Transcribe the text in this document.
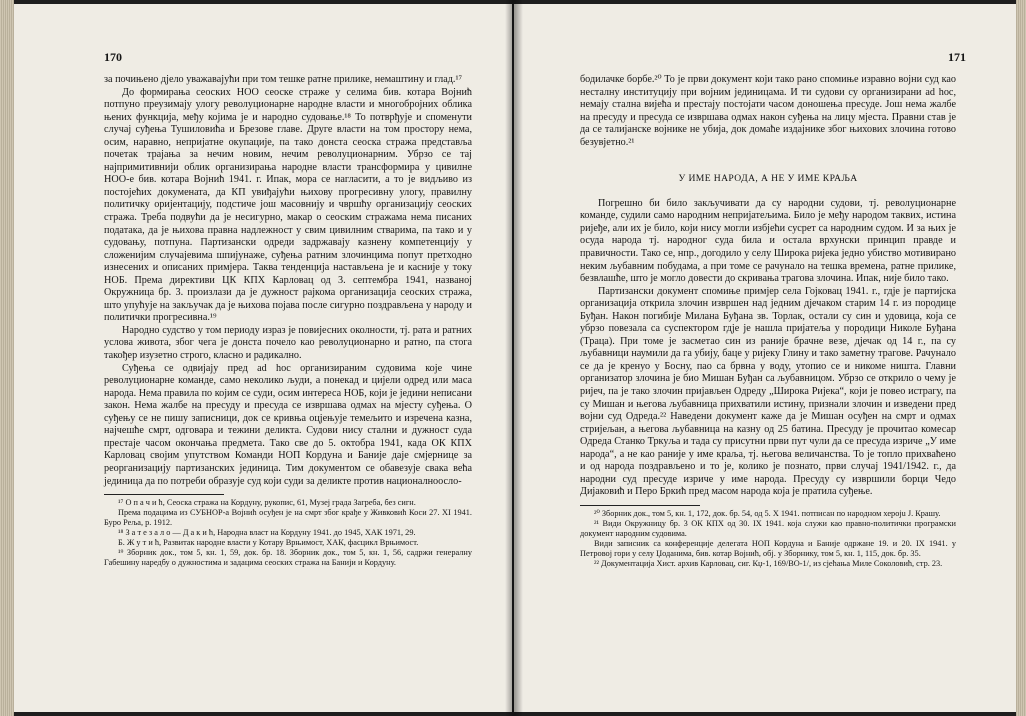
170

за почињено дјело уважавајући при том тешке ратне прилике, немаштину и глад.¹⁷

До формирања сеоских НОО сеоске страже у селима бив. котара Војнић потпуно преузимају улогу револуционарне народне власти и многобројних облика њених функција, међу којима је и народно судовање.¹⁸ То потврђује и споменути случај суђења Тушиловића и Брезове главе. Друге власти на том простору нема, осим, наравно, непријатне окупације, па тако донста сеоска стража представља почетак трајања за нечим новим, нечим револуционарним. Убрзо се тај најпримитивнији облик организирања народне власти трансформира у цивилне НОО-е бив. котара Војнић 1941. г. Ипак, мора се нагласити, а то је видљиво из постојећих докумената, да КП увиђајући њихову прогресивну улогу, правилну политичку оријентацију, подстиче још масовнију и чвршћу организацију сеоских стража. Треба подвући да је несигурно, макар о сеоским стражама нема писаних података, да је њихова правна надлежност у свим цивилним стварима, па тако и у судовању, потпуна. Партизански одреди задржавају казнену компетенцију у сложенијим случајевима шпијунаже, суђења ратним злочинцима попут претходно изнесених и описаних примјера. Таква тенденција настављена је и касније у току НОБ. Према директиви ЦК КПХ Карловац од 3. септембра 1941, названој Окружница бр. 3. произлази да је дужност рајкома организација сеоских стража, што упућује на закључак да је њихова појава после сигурно поздрављена у народу и политички прогресивна.¹⁹

Народно судство у том периоду израз је повијесних околности, тј. рата и ратних услова живота, због чега је донста почело као револуционарно и ратно, па стога такођер изузетно строго, класно и радикално.

Суђења се одвијају пред ad hoc организираним судовима које чине револуционарне команде, само неколико људи, а понекад и цијели одред или маса народа. Нема правила по којим се суди, осим интереса НОБ, који је једини неписани закон. Нема жалбе на пресуду и пресуда се извршава одмах на мјесту суђења. О суђењу се не пишу записници, док се кривња оцјењује темељито и изречена казна, најчешће смрт, одговара и тежини деликта. Судови нису стални и дужност суда престаје часом окончања предмета. Тако све до 5. октобра 1941, када ОК КПХ Карловац својим упутством Команди НОП Кордуна и Баније даје смјернице за реорганизацију партизанских јединица. Тим документом се обавезује свака већа јединица да по потреби образује суд који суди за деликте против националноосло-

¹⁷ О п а ч и ћ, Сеоска стража на Кордуну, рукопис, 61, Музеј града Загреба, без сигн.

Према подацима из СУБНОР-а Војнић осуђен је на смрт због крађе у Живковић Коси 27. XI 1941. Буро Реља, р. 1912.

¹⁸ З а т е з а л о — Д а к и ћ, Народна власт на Кордуну 1941. до 1945, ХАК 1971, 29.

Б. Ж у т и ћ, Развитак народне власти у Котару Врњимост, ХАК, фасцикл Врњимост.

¹⁹ Зборник док., том 5, кн. 1, 59, док. бр. 18. Зборник док., том 5, кн. 1, 56, садржи генералну Габешину наредбу о дужностима и задацима сеоских стража на Банији и Кордуну.

171

бодилачке борбе.²⁰ То је први документ који тако рано спомиње изравно војни суд као несталну институцију при војним јединицама. И ти судови су организирани ad hoc, немају стална вијећа и престају постојати часом доношења пресуде. Још нема жалбе на пресуду и пресуда се извршава одмах након суђења на лицу мјеста. Правни став је да се талијанске војнике не убија, док домаће издајнике због њихових злочина готово безувјетно.²¹

У ИМЕ НАРОДА, А НЕ У ИМЕ КРАЉА

Погрешно би било закључивати да су народни судови, тј. револуционарне команде, судили само народним непријатељима. Било је међу народом таквих, истина ријеђе, али их је било, који нису могли избјећи сусрет са народним судом. И за њих је осуда народа тј. народног суда била и остала врхунски принцип правде и правичности. Тако се, нпр., догодило у селу Широка ријека једно убиство мотивирано неким љубавним побудама, а при томе се рачунало на тешка времена, ратне прилике, безвлашће, што је могло довести до скривања трагова злочина. Ипак, није било тако.

Партизански документ спомиње примјер села Гојковац 1941. г., гдје је партијска организација открила злочин извршен над једним дјечаком старим 14 г. из породице Буђан. Након погибије Милана Буђана зв. Торлак, остали су син и удовица, која се убрзо повезала са суспектором гдје је нашла пријатеља у породици Николе Буђана (Траца). При томе је засметао син из раније брачне везе, дјечак од 14 г., па су љубавници наумили да га убију, баце у ријеку Глину и тако заметну трагове. Рачунало се да је кренуо у Босну, пао са брвна у воду, утопио се и никоме ништа. Главни организатор злочина је био Мишан Буђан са љубавницом. Убрзо се открило о чему је ријеч, па је тако злочин пријављен Одреду „Широка Ријека“, који је повео истрагу, па су Мишан и његова љубавница прихватили истину, признали злочин и изведени пред војни суд Одреда.²² Наведени документ каже да је Мишан осуђен на смрт и одмах стријељан, а његова љубавница на казну од 25 батина. Пресуду је прочитао комесар Одреда Станко Тркуља и тада су присутни први пут чули да се пресуда изриче „У име народа“, а не као раније у име краља, тј. његова величанства. То је топло прихваћено и од народа поздрављено и то је, колико је познато, први случај 1941/1942. г., да народни суд пресуде изриче у име народа. Пресуду су извршили борци Чедо Дијаковић и Перо Бркић пред масом народа која је пратила суђење.

²⁰ Зборник док., том 5, кн. 1, 172, док. бр. 54, од 5. X 1941. потписан по народном херoju Ј. Крашу.

²¹ Види Окружницу бр. 3 ОК КПХ од 30. IX 1941. која служи као правно-политички програмски документ народним судовима.

Види записник са конференције делегата НОП Кордуна и Баније одржане 19. и 20. IX 1941. у Петровој гори у селу Џоданима, бив. котар Војнић, обј. у Зборнику, том 5, кн. 1, 115, док. бр. 35.

²² Документација Хист. архив Карловац, сиг. Кџ-1, 169/ВО-1/, из сјећања Миле Соколовић, стр. 23.
